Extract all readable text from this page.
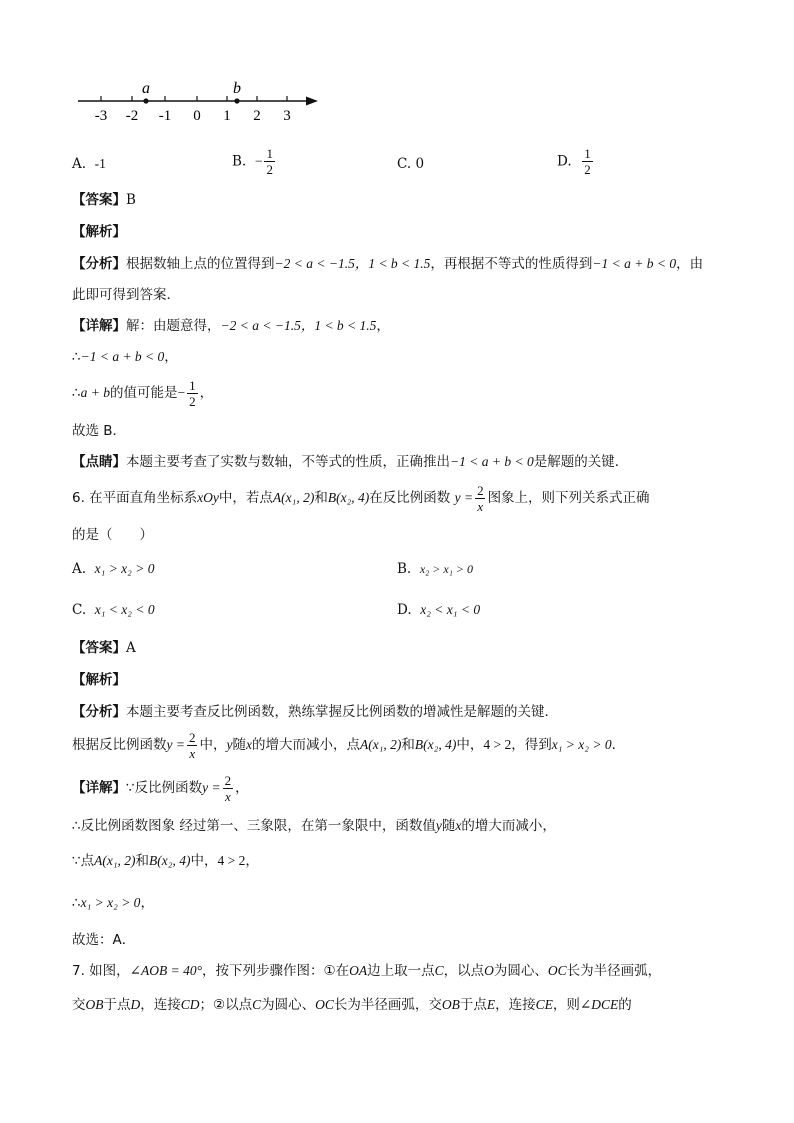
a	b
-3 -2 -1 0 1 2 3
A. -1	B. − $\frac{1}{2}$	C. 0	D. $\frac{1}{2}$
【答案】B
【解析】
【分析】根据数轴上点的位置得到−2 < a < −1.5，1 < b < 1.5，再根据不等式的性质得到−1 < a + b < 0，由
此即可得到答案．
【详解】解：由题意得，−2 < a < −1.5，1 < b < 1.5，
∴−1 < a + b < 0，
∴a + b的值可能是− $\frac{1}{2}$ ，
故选 B．
【点睛】本题主要考查了实数与数轴，不等式的性质，正确推出−1 < a + b < 0是解题的关键．
6. 在平面直角坐标系xOy中，若点A(x₁, 2)和B(x₂, 4)在反比例函数 $y = \frac{2}{x}$ 图象上，则下列关系式正确
的是（　　）
A. x₁ > x₂ > 0	B. x₂ > x₁ > 0
C. x₁ < x₂ < 0	D. x₂ < x₁ < 0
【答案】A
【解析】
【分析】本题主要考查反比例函数，熟练掌握反比例函数的增减性是解题的关键．
根据反比例函数$y = \frac{2}{x}$ 中，y随x的增大而减小，点A(x₁, 2)和B(x₂, 4)中，4 > 2，得到x₁ > x₂ > 0．
【详解】∵反比例函数$y = \frac{2}{x}$ ，
∴反比例函数图象 经过第一、三象限，在第一象限中，函数值y随x的增大而减小，
∵点A(x₁, 2)和B(x₂, 4)中，4 > 2，
∴x₁ > x₂ > 0，
故选：A．
7. 如图，∠AOB = 40°，按下列步骤作图：①在OA边上取一点C，以点O为圆心、OC长为半径画弧，
交OB于点D，连接CD；②以点C为圆心、OC长为半径画弧，交OB于点E，连接CE，则∠DCE的
